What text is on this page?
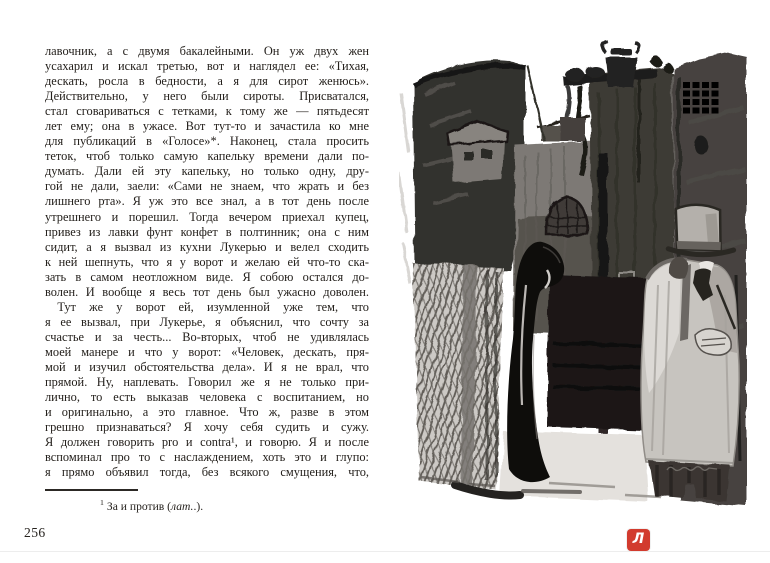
лавочник, а с двумя бакалейными. Он уж двух жен
усахарил и искал третью, вот и наглядел ее: «Тихая,
дескать, росла в бедности, а я для сирот женюсь».
Действительно, у него были сироты. Присватался,
стал сговариваться с тетками, к тому же — пятьдесят
лет ему; она в ужасе. Вот тут-то и зачастила ко мне
для публикаций в «Голосе»*. Наконец, стала просить
теток, чтоб только самую капельку времени дали по-
думать. Дали ей эту капельку, но только одну, дру-
гой не дали, заели: «Сами не знаем, что жрать и без
лишнего рта». Я уж это все знал, а в тот день после
утрешнего и порешил. Тогда вечером приехал купец,
привез из лавки фунт конфет в полтинник; она с ним
сидит, а я вызвал из кухни Лукерью и велел сходить
к ней шепнуть, что я у ворот и желаю ей что-то ска-
зать в самом неотложном виде. Я собою остался до-
волен. И вообще я весь тот день был ужасно доволен.
 Тут же у ворот ей, изумленной уже тем, что
я ее вызвал, при Лукерье, я объяснил, что сочту за
счастье и за честь... Во-вторых, чтоб не удивлялась
моей манере и что у ворот: «Человек, дескать, пря-
мой и изучил обстоятельства дела». И я не врал, что
прямой. Ну, наплевать. Говорил же я не только при-
лично, то есть выказав человека с воспитанием, но
и оригинально, а это главное. Что ж, разве в этом
грешно признаваться? Я хочу себя судить и сужу.
Я должен говорить pro и contra¹, и говорю. Я и после
вспоминал про то с наслаждением, хоть это и глупо:
я прямо объявил тогда, без всякого смущения, что,
$^1$ За и против (лат..).
256	Л
